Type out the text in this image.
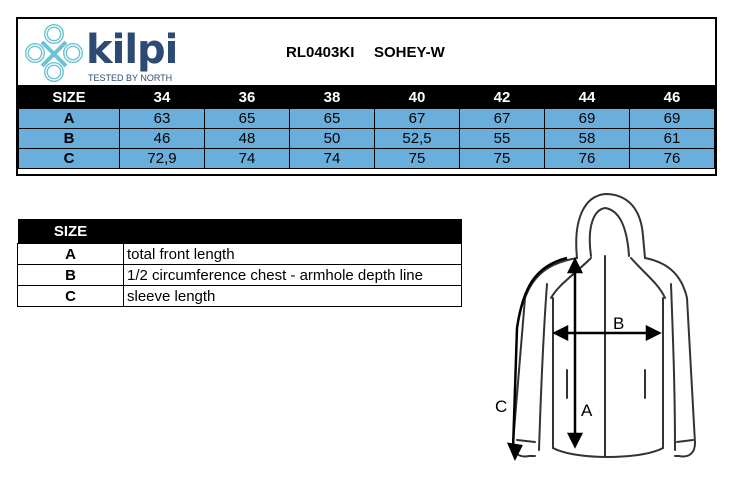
kilpi
TESTED BY NORTH
RL0403KI SOHEY-W
SIZE	34	36	38	40	42	44	46
A	63	65	65	67	67	69	69
B	46	48	50	52,5	55	58	61
C	72,9	74	74	75	75	76	76
SIZE	
A	total front length
B	1/2 circumference chest - armhole depth line
C	sleeve length
A
B
C
